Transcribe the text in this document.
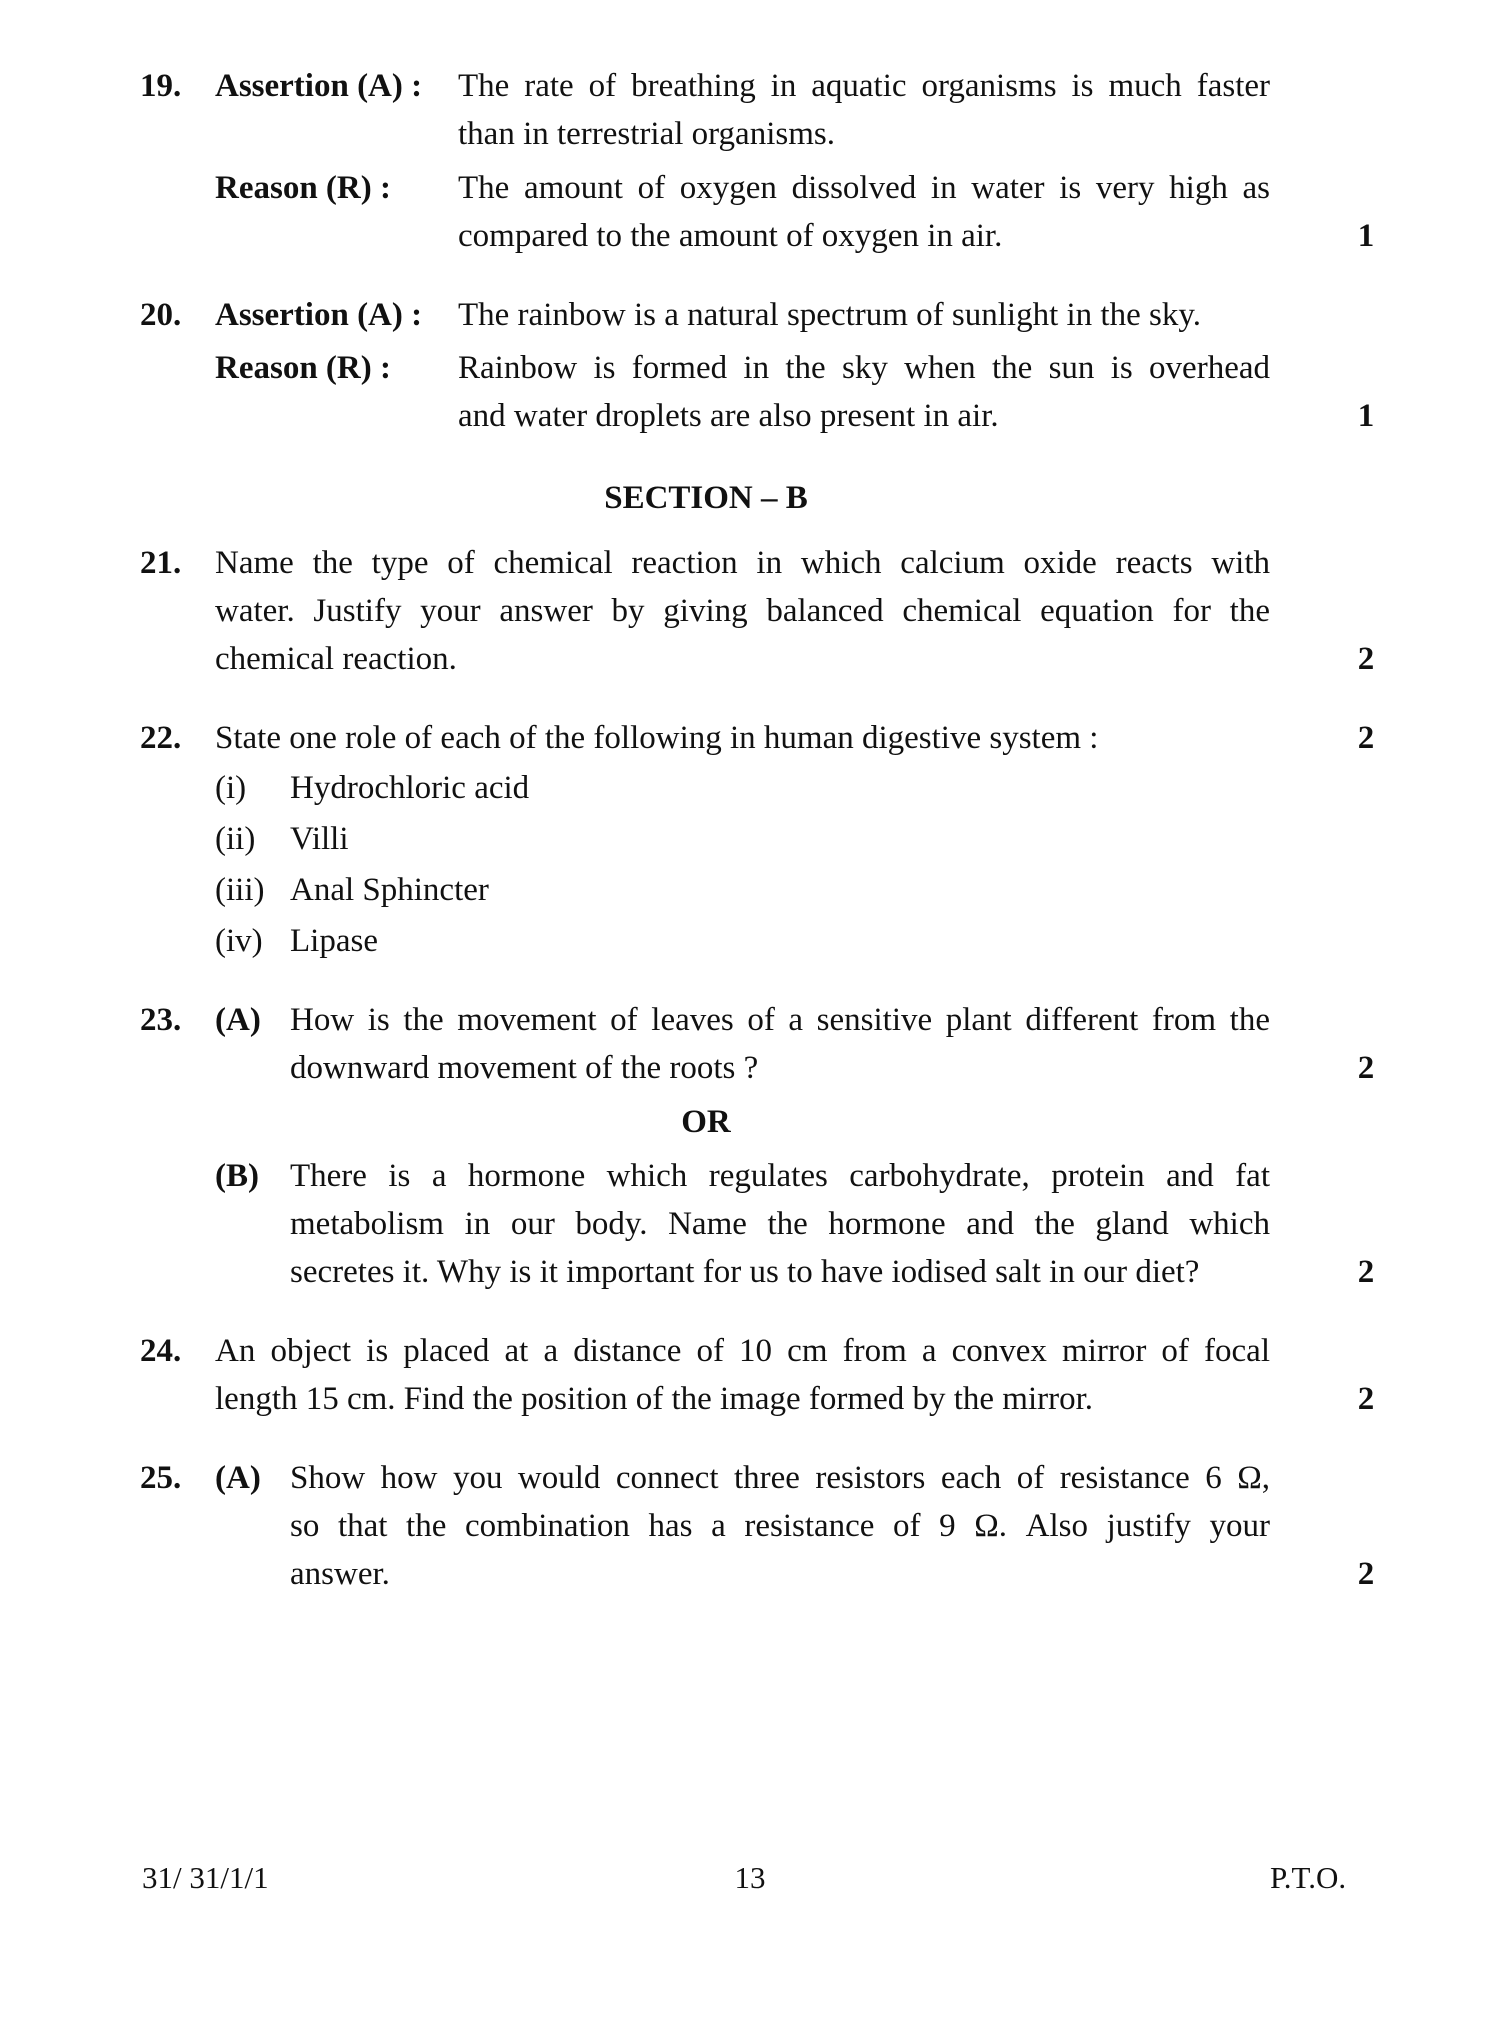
19. Assertion (A) : The rate of breathing in aquatic organisms is much faster
than in terrestrial organisms.
Reason (R) : The amount of oxygen dissolved in water is very high as
compared to the amount of oxygen in air.	1
20. Assertion (A) : The rainbow is a natural spectrum of sunlight in the sky.
Reason (R) : Rainbow is formed in the sky when the sun is overhead
and water droplets are also present in air.	1
SECTION – B
21. Name the type of chemical reaction in which calcium oxide reacts with
water. Justify your answer by giving balanced chemical equation for the
chemical reaction.	2
22. State one role of each of the following in human digestive system :	2
(i) Hydrochloric acid
(ii) Villi
(iii) Anal Sphincter
(iv) Lipase
23. (A) How is the movement of leaves of a sensitive plant different from the
downward movement of the roots ?	2
OR
(B) There is a hormone which regulates carbohydrate, protein and fat
metabolism in our body. Name the hormone and the gland which
secretes it. Why is it important for us to have iodised salt in our diet?	2
24. An object is placed at a distance of 10 cm from a convex mirror of focal
length 15 cm. Find the position of the image formed by the mirror.	2
25. (A) Show how you would connect three resistors each of resistance 6 Ω,
so that the combination has a resistance of 9 Ω. Also justify your
answer.	2
31/ 31/1/1	13	P.T.O.
